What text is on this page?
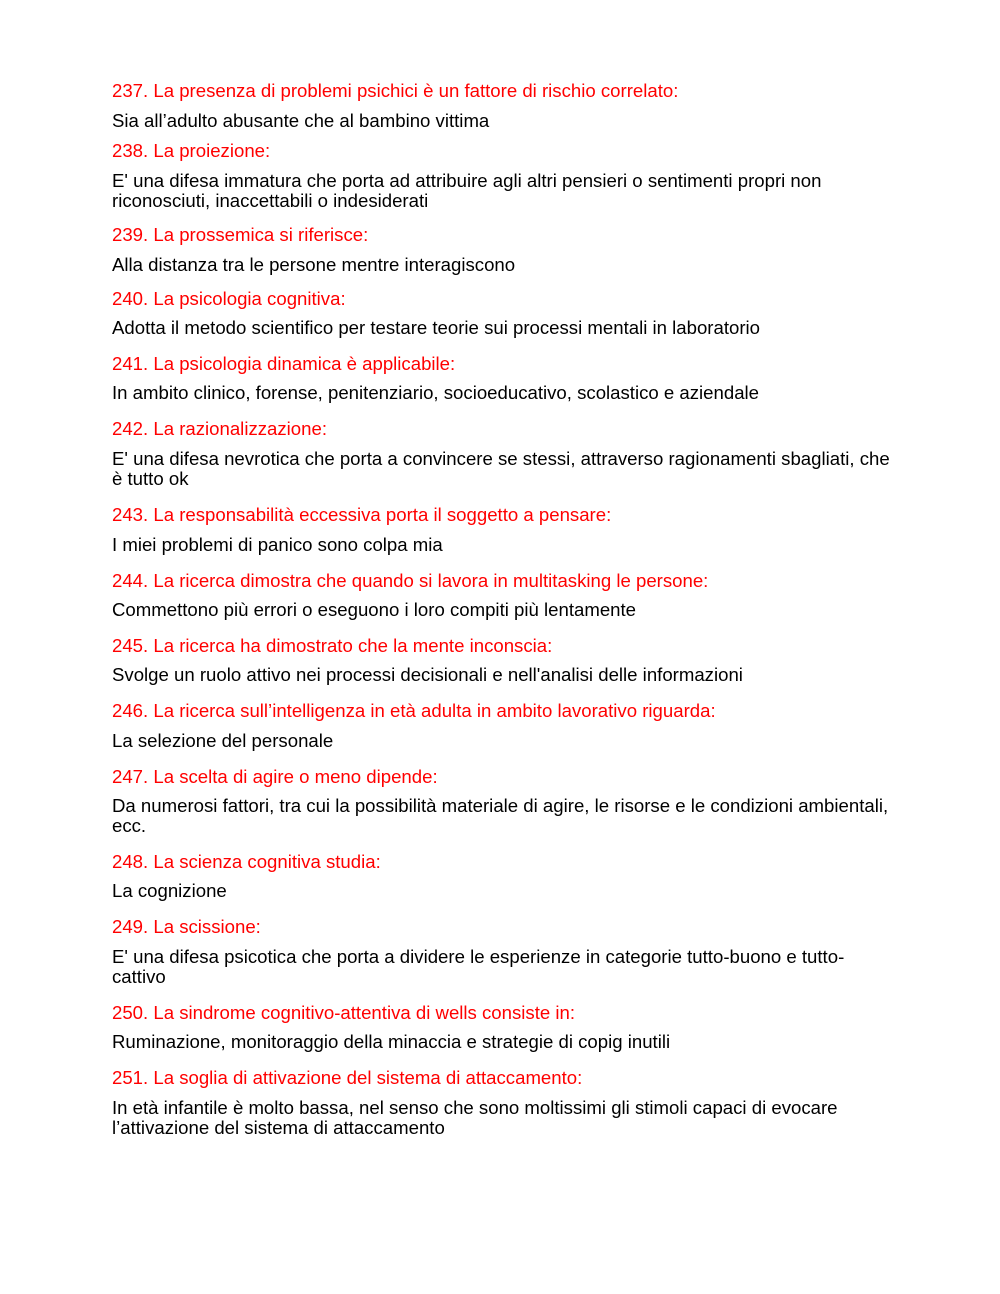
237. La presenza di problemi psichici è un fattore di rischio correlato:

Sia all’adulto abusante che al bambino vittima

238. La proiezione:

E' una difesa immatura che porta ad attribuire agli altri pensieri o sentimenti propri non riconosciuti, inaccettabili o indesiderati

239. La prossemica si riferisce:

Alla distanza tra le persone mentre interagiscono

240. La psicologia cognitiva:

Adotta il metodo scientifico per testare teorie sui processi mentali in laboratorio

241. La psicologia dinamica è applicabile:

In ambito clinico, forense, penitenziario, socioeducativo, scolastico e aziendale

242. La razionalizzazione:

E' una difesa nevrotica che porta a convincere se stessi, attraverso ragionamenti sbagliati, che è tutto ok

243. La responsabilità eccessiva porta il soggetto a pensare:

I miei problemi di panico sono colpa mia

244. La ricerca dimostra che quando si lavora in multitasking le persone:

Commettono più errori o eseguono i loro compiti più lentamente

245. La ricerca ha dimostrato che la mente inconscia:

Svolge un ruolo attivo nei processi decisionali e nell'analisi delle informazioni

246. La ricerca sull’intelligenza in età adulta in ambito lavorativo riguarda:

La selezione del personale

247. La scelta di agire o meno dipende:

Da numerosi fattori, tra cui la possibilità materiale di agire, le risorse e le condizioni ambientali, ecc.

248. La scienza cognitiva studia:

La cognizione

249. La scissione:

E' una difesa psicotica che porta a dividere le esperienze in categorie tutto-buono e tutto-cattivo

250. La sindrome cognitivo-attentiva di wells consiste in:

Ruminazione, monitoraggio della minaccia e strategie di copig inutili

251. La soglia di attivazione del sistema di attaccamento:

In età infantile è molto bassa, nel senso che sono moltissimi gli stimoli capaci di evocare l’attivazione del sistema di attaccamento
